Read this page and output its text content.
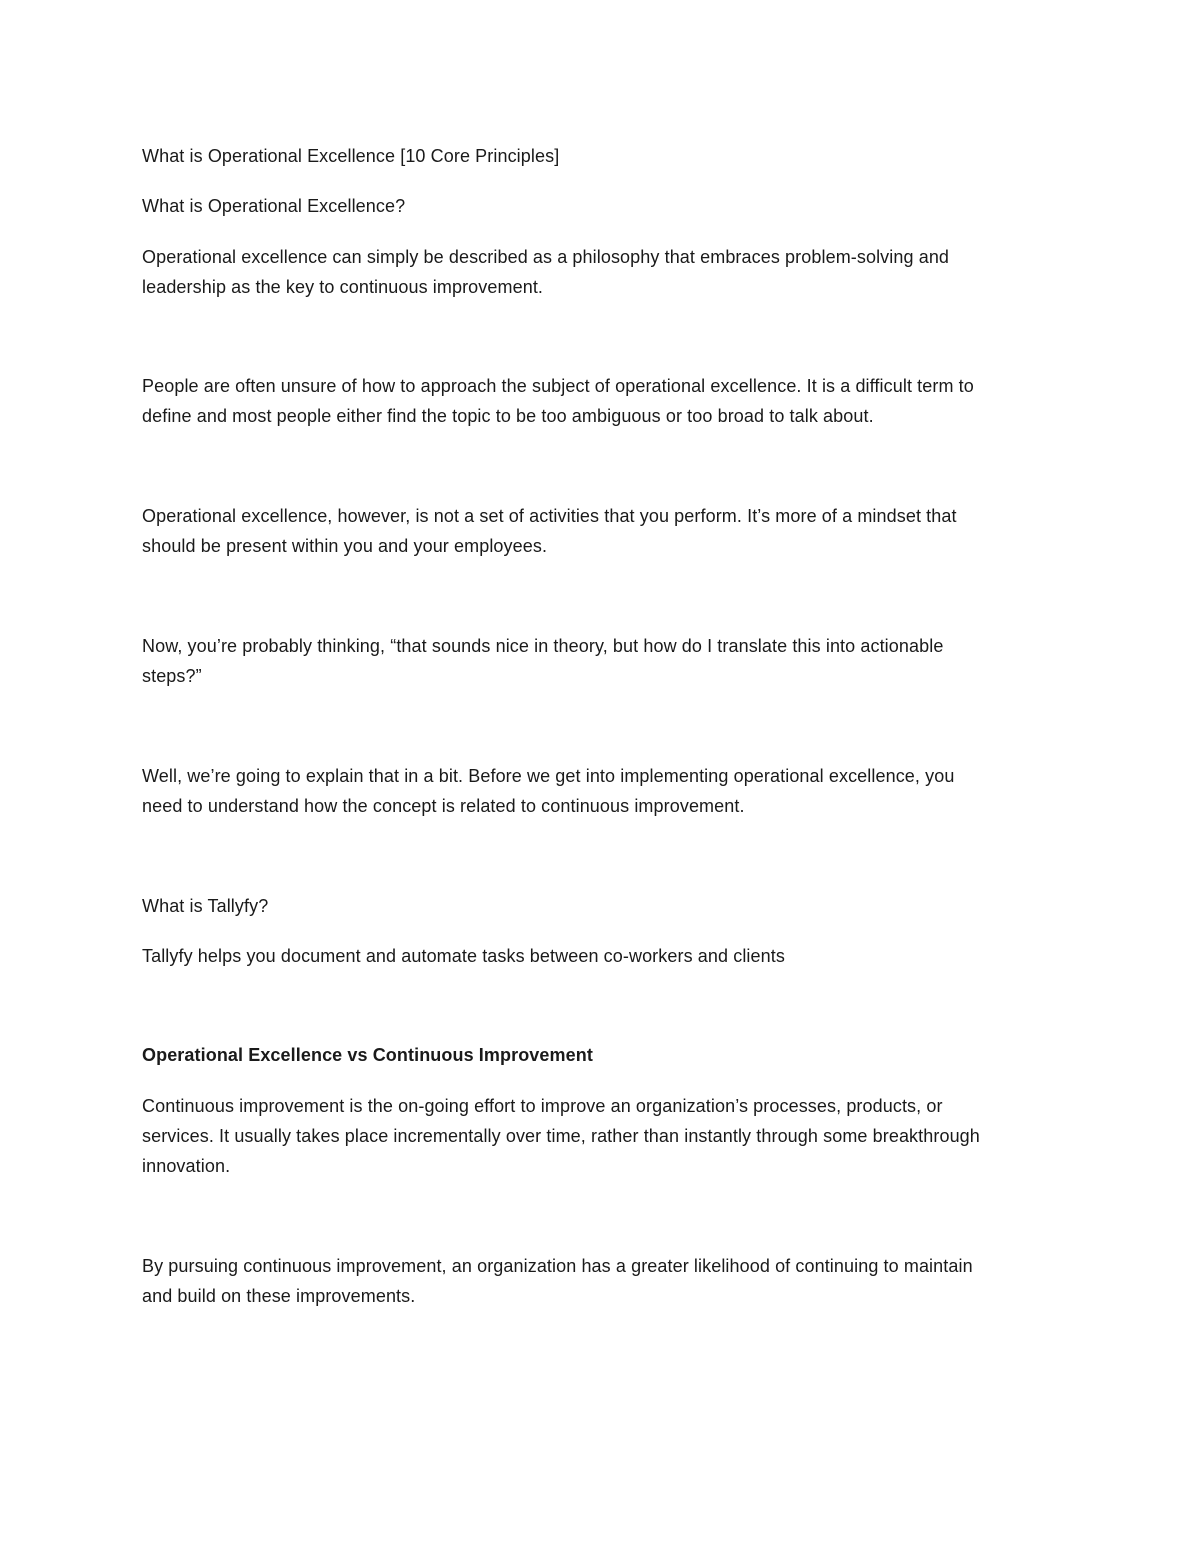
What is Operational Excellence [10 Core Principles]
What is Operational Excellence?
Operational excellence can simply be described as a philosophy that embraces problem-solving and
leadership as the key to continuous improvement.
People are often unsure of how to approach the subject of operational excellence. It is a difficult term to
define and most people either find the topic to be too ambiguous or too broad to talk about.
Operational excellence, however, is not a set of activities that you perform. It’s more of a mindset that
should be present within you and your employees.
Now, you’re probably thinking, “that sounds nice in theory, but how do I translate this into actionable
steps?”
Well, we’re going to explain that in a bit. Before we get into implementing operational excellence, you
need to understand how the concept is related to continuous improvement.
What is Tallyfy?
Tallyfy helps you document and automate tasks between co-workers and clients
Operational Excellence vs Continuous Improvement
Continuous improvement is the on-going effort to improve an organization’s processes, products, or
services. It usually takes place incrementally over time, rather than instantly through some breakthrough
innovation.
By pursuing continuous improvement, an organization has a greater likelihood of continuing to maintain
and build on these improvements.
